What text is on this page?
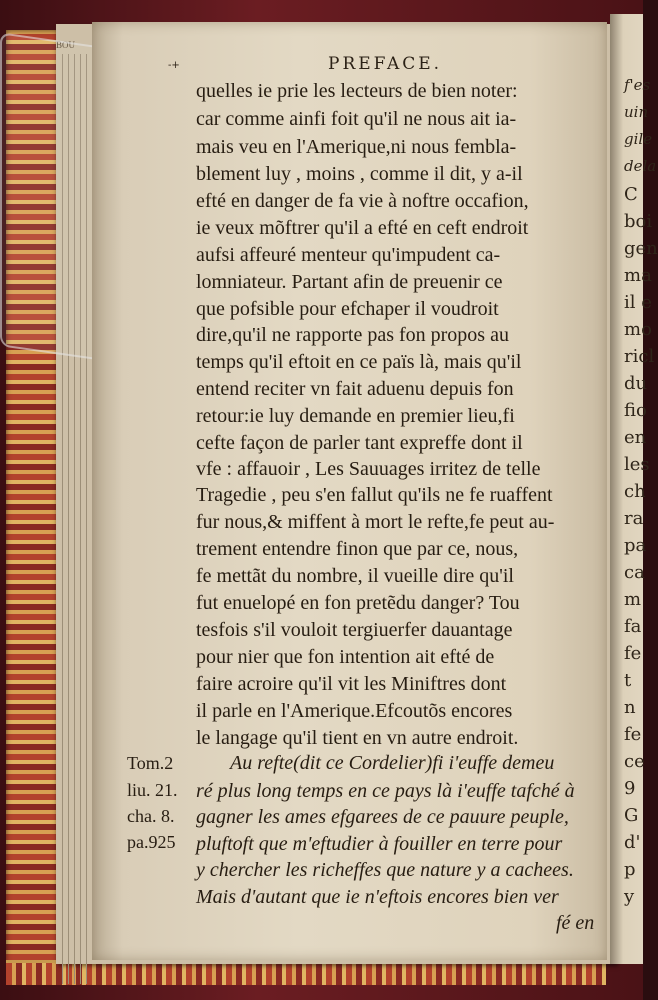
BOU
-+	PREFACE.
quelles ie prie les lecteurs de bien noter:
car comme ainfi foit qu'il ne nous ait ia-
mais veu en l'Amerique,ni nous fembla-
blement luy , moins , comme il dit, y a-il
efté en danger de fa vie à noftre occafion,
ie veux mõftrer qu'il a efté en ceft endroit
aufsi affeuré menteur qu'impudent ca-
lomniateur. Partant afin de preuenir ce
que pofsible pour efchaper il voudroit
dire,qu'il ne rapporte pas fon propos au
temps qu'il eftoit en ce païs là, mais qu'il
entend reciter vn fait aduenu depuis fon
retour:ie luy demande en premier lieu,fi
cefte façon de parler tant expreffe dont il
vfe : affauoir , Les Sauuages irritez de telle
Tragedie , peu s'en fallut qu'ils ne fe ruaffent
fur nous,& miffent à mort le refte,fe peut au-
trement entendre finon que par ce, nous,
fe mettãt du nombre, il vueille dire qu'il
fut enuelopé en fon pretẽdu danger? Tou
tesfois s'il vouloit tergiuerfer dauantage
pour nier que fon intention ait efté de
faire acroire qu'il vit les Miniftres dont
il parle en l'Amerique.Efcoutõs encores
le langage qu'il tient en vn autre endroit.
Au refte(dit ce Cordelier)fi i'euffe demeu
ré plus long temps en ce pays là i'euffe tafché à
gagner les ames efgarees de ce pauure peuple,
pluftoft que m'eftudier à fouiller en terre pour
y chercher les richeffes que nature y a cachees.
Mais d'autant que ie n'eftois encores bien ver
fé en
Tom.2
liu. 21.
cha. 8.
pa.925
f'es
uin
gile
dela
C
boi
gen
ma
il e
mo
ricl
du
fio
en
les
ch
ra
pa
ca
m
fa
fe
t
n
fe
ce
9
G
d'
p
y
